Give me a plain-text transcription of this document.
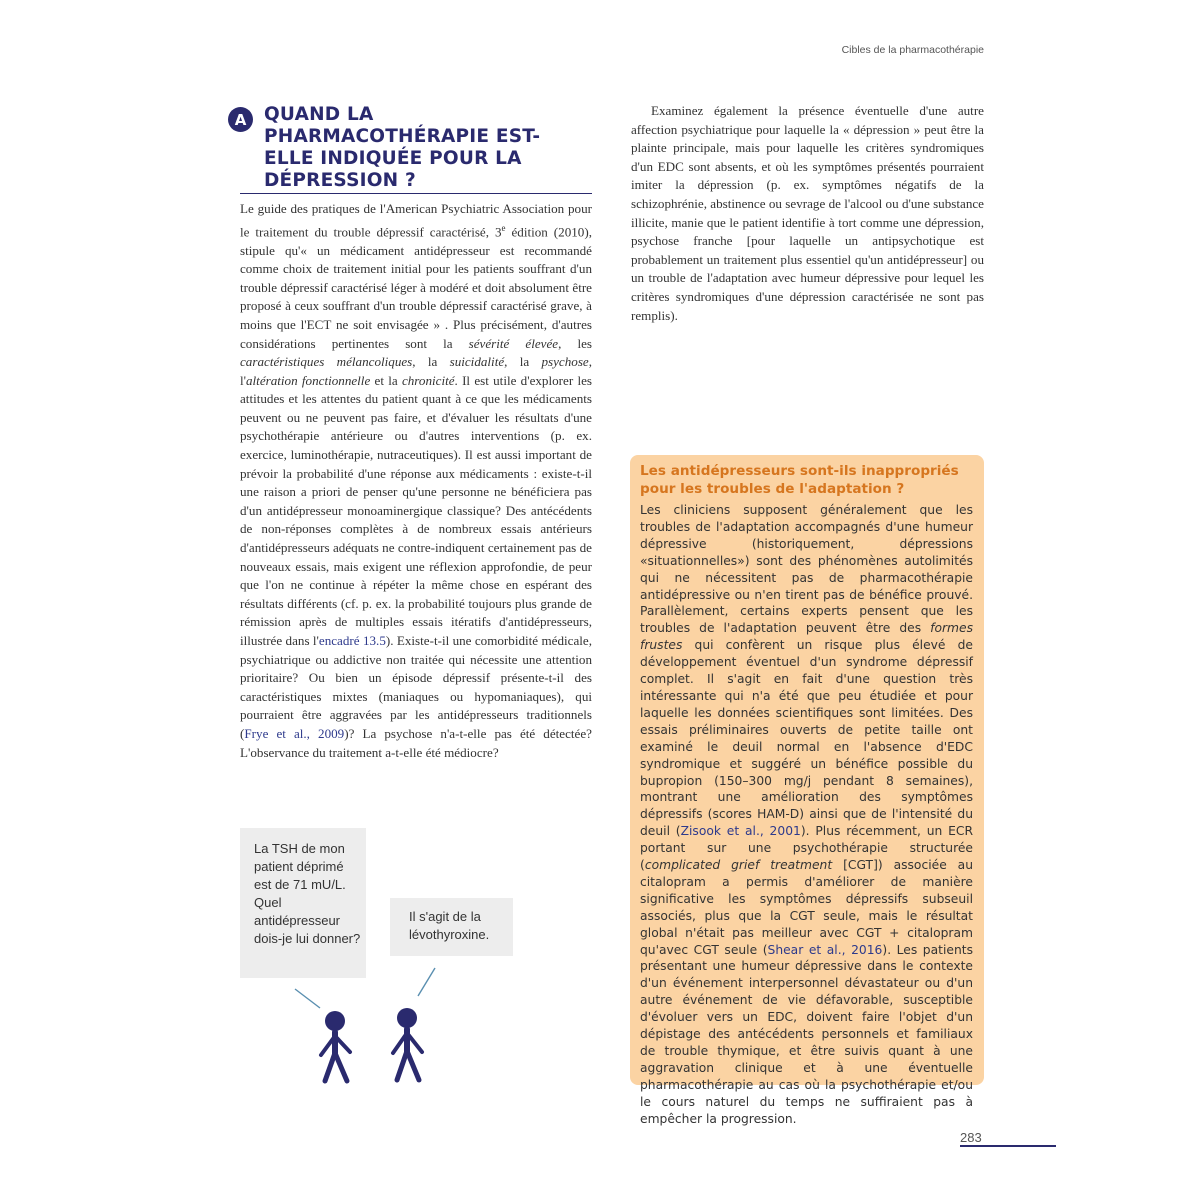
Cibles de la pharmacothérapie
A QUAND LA PHARMACOTHÉRAPIE EST-ELLE INDIQUÉE POUR LA DÉPRESSION ?

Le guide des pratiques de l'American Psychiatric Association pour le traitement du trouble dépressif caractérisé, 3e édition (2010), stipule qu'« un médicament antidépresseur est recommandé comme choix de traitement initial pour les patients souffrant d'un trouble dépressif caractérisé léger à modéré et doit absolument être proposé à ceux souffrant d'un trouble dépressif caractérisé grave, à moins que l'ECT ne soit envisagée » . Plus précisément, d'autres considérations pertinentes sont la sévérité élevée, les caractéristiques mélancoliques, la suicidalité, la psychose, l'altération fonctionnelle et la chronicité. Il est utile d'explorer les attitudes et les attentes du patient quant à ce que les médicaments peuvent ou ne peuvent pas faire, et d'évaluer les résultats d'une psychothérapie antérieure ou d'autres interventions (p. ex. exercice, luminothérapie, nutraceutiques). Il est aussi important de prévoir la probabilité d'une réponse aux médicaments : existe-t-il une raison a priori de penser qu'une personne ne bénéficiera pas d'un antidépresseur monoaminergique classique? Des antécédents de non-réponses complètes à de nombreux essais antérieurs d'antidépresseurs adéquats ne contre-indiquent certainement pas de nouveaux essais, mais exigent une réflexion approfondie, de peur que l'on ne continue à répéter la même chose en espérant des résultats différents (cf. p. ex. la probabilité toujours plus grande de rémission après de multiples essais itératifs d'antidépresseurs, illustrée dans l'encadré 13.5). Existe-t-il une comorbidité médicale, psychiatrique ou addictive non traitée qui nécessite une attention prioritaire? Ou bien un épisode dépressif présente-t-il des caractéristiques mixtes (maniaques ou hypomaniaques), qui pourraient être aggravées par les antidépresseurs traditionnels (Frye et al., 2009)? La psychose n'a-t-elle pas été détectée? L'observance du traitement a-t-elle été médiocre?

Examinez également la présence éventuelle d'une autre affection psychiatrique pour laquelle la « dépression » peut être la plainte principale, mais pour laquelle les critères syndromiques d'un EDC sont absents, et où les symptômes présentés pourraient imiter la dépression (p. ex. symptômes négatifs de la schizophrénie, abstinence ou sevrage de l'alcool ou d'une substance illicite, manie que le patient identifie à tort comme une dépression, psychose franche [pour laquelle un antipsychotique est probablement un traitement plus essentiel qu'un antidépresseur] ou un trouble de l'adaptation avec humeur dépressive pour lequel les critères syndromiques d'une dépression caractérisée ne sont pas remplis).

La TSH de mon patient déprimé est de 71 mU/L. Quel antidépresseur dois-je lui donner?
Il s'agit de la lévothyroxine.
Les antidépresseurs sont-ils inappropriés pour les troubles de l'adaptation ?

Les cliniciens supposent généralement que les troubles de l'adaptation accompagnés d'une humeur dépressive (historiquement, dépressions «situationnelles») sont des phénomènes autolimités qui ne nécessitent pas de pharmacothérapie antidépressive ou n'en tirent pas de bénéfice prouvé. Parallèlement, certains experts pensent que les troubles de l'adaptation peuvent être des formes frustes qui confèrent un risque plus élevé de développement éventuel d'un syndrome dépressif complet. Il s'agit en fait d'une question très intéressante qui n'a été que peu étudiée et pour laquelle les données scientifiques sont limitées. Des essais préliminaires ouverts de petite taille ont examiné le deuil normal en l'absence d'EDC syndromique et suggéré un bénéfice possible du bupropion (150–300 mg/j pendant 8 semaines), montrant une amélioration des symptômes dépressifs (scores HAM-D) ainsi que de l'intensité du deuil (Zisook et al., 2001). Plus récemment, un ECR portant sur une psychothérapie structurée (complicated grief treatment [CGT]) associée au citalopram a permis d'améliorer de manière significative les symptômes dépressifs subseuil associés, plus que la CGT seule, mais le résultat global n'était pas meilleur avec CGT + citalopram qu'avec CGT seule (Shear et al., 2016). Les patients présentant une humeur dépressive dans le contexte d'un événement interpersonnel dévastateur ou d'un autre événement de vie défavorable, susceptible d'évoluer vers un EDC, doivent faire l'objet d'un dépistage des antécédents personnels et familiaux de trouble thymique, et être suivis quant à une aggravation clinique et à une éventuelle pharmacothérapie au cas où la psychothérapie et/ou le cours naturel du temps ne suffiraient pas à empêcher la progression.

283
